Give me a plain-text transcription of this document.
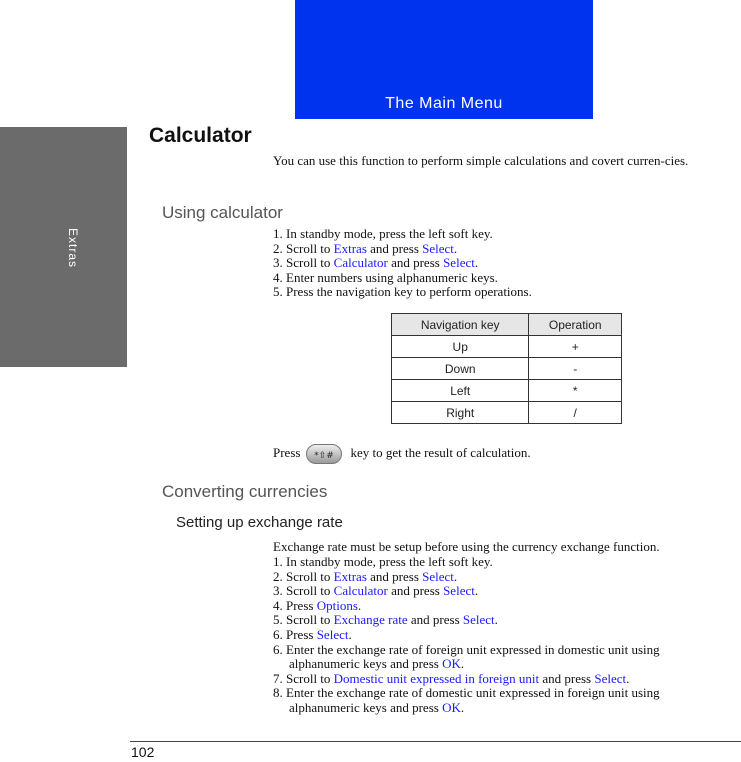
The Main Menu
Extras
Calculator
You can use this function to perform simple calculations and covert curren-cies.
Using calculator
1. In standby mode, press the left soft key.
2. Scroll to Extras and press Select.
3. Scroll to Calculator and press Select.
4. Enter numbers using alphanumeric keys.
5. Press the navigation key to perform operations.
Navigation key	Operation
Up	+
Down	-
Left	*
Right	/
Press *⇧# key to get the result of calculation.
Converting currencies
Setting up exchange rate
Exchange rate must be setup before using the currency exchange function.
1. In standby mode, press the left soft key.
2. Scroll to Extras and press Select.
3. Scroll to Calculator and press Select.
4. Press Options.
5. Scroll to Exchange rate and press Select.
6. Press Select.
6. Enter the exchange rate of foreign unit expressed in domestic unit using alphanumeric keys and press OK.
7. Scroll to Domestic unit expressed in foreign unit and press Select.
8. Enter the exchange rate of domestic unit expressed in foreign unit using alphanumeric keys and press OK.
102
